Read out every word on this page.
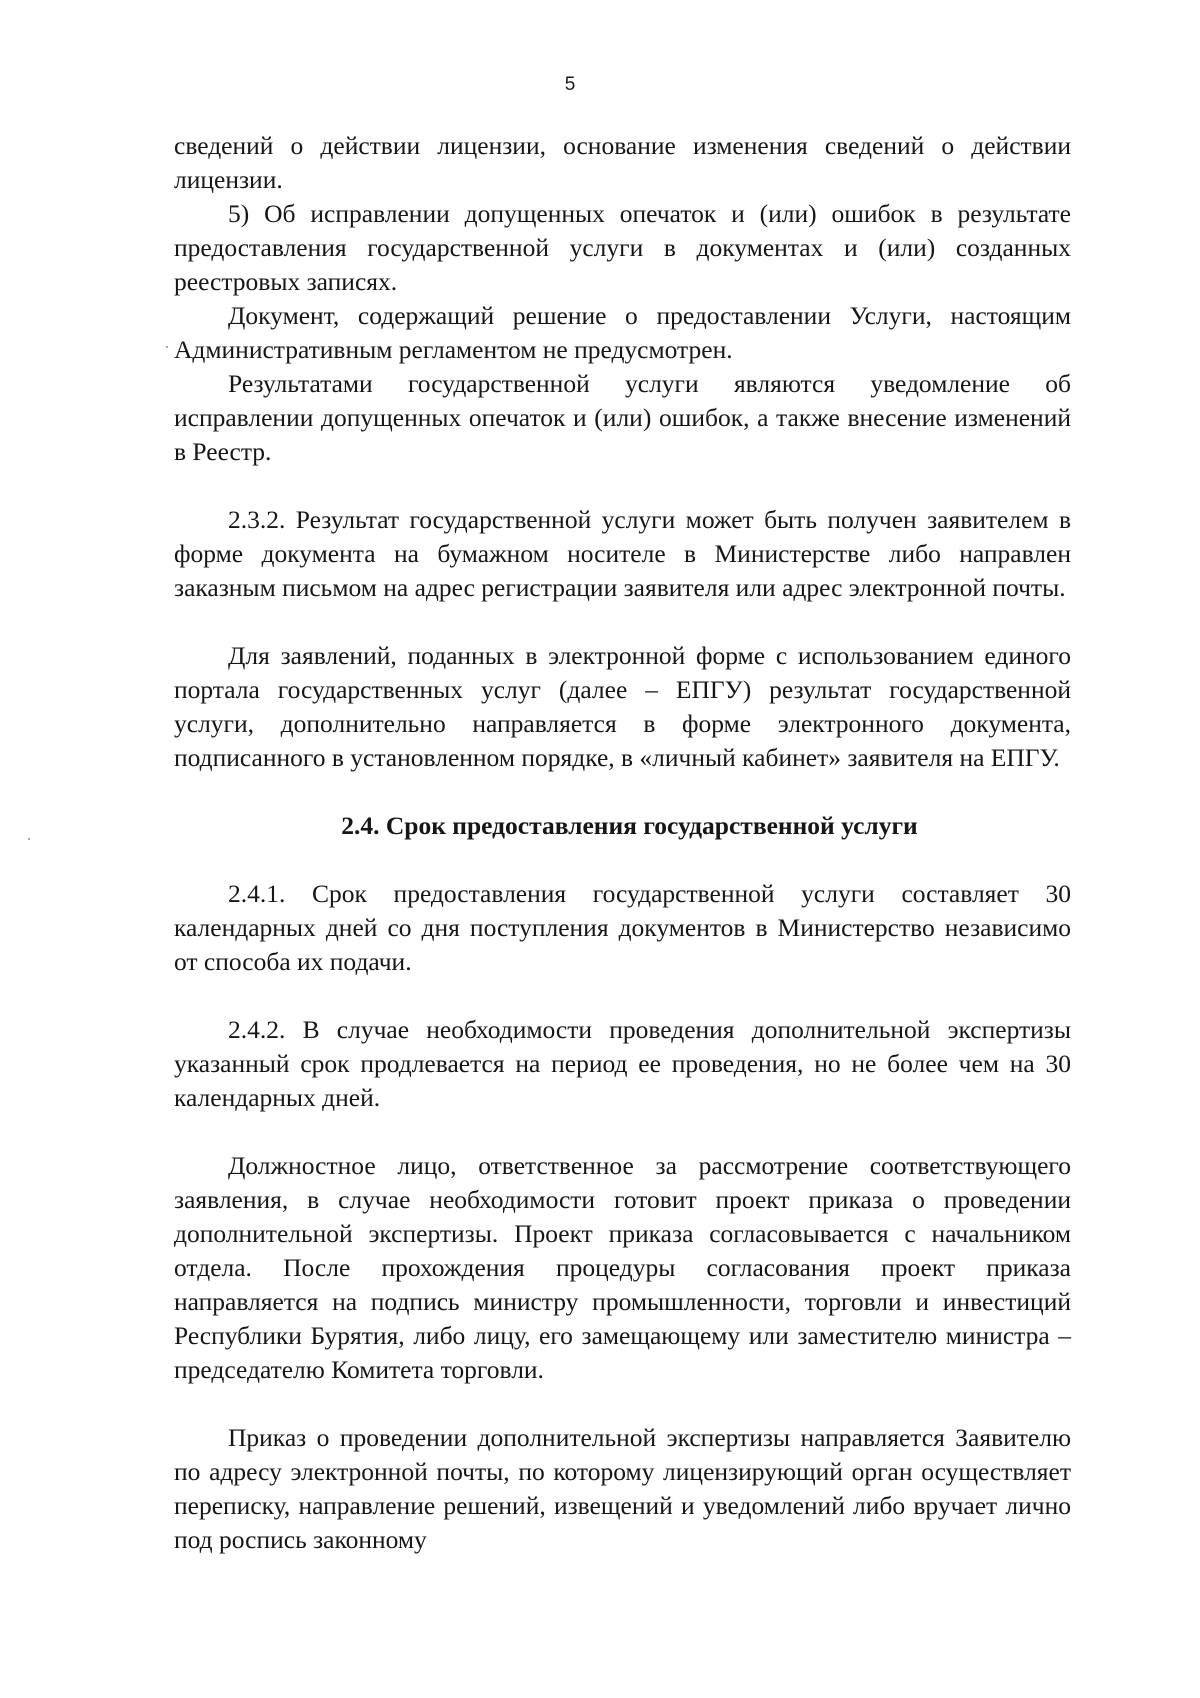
5

сведений о действии лицензии, основание изменения сведений о действии лицензии.

5) Об исправлении допущенных опечаток и (или) ошибок в результате предоставления государственной услуги в документах и (или) созданных реестровых записях.

Документ, содержащий решение о предоставлении Услуги, настоящим Административным регламентом не предусмотрен.

Результатами государственной услуги являются уведомление об исправлении допущенных опечаток и (или) ошибок, а также внесение изменений в Реестр.

2.3.2. Результат государственной услуги может быть получен заявителем в форме документа на бумажном носителе в Министерстве либо направлен заказным письмом на адрес регистрации заявителя или адрес электронной почты.

Для заявлений, поданных в электронной форме с использованием единого портала государственных услуг (далее – ЕПГУ) результат государственной услуги, дополнительно направляется в форме электронного документа, подписанного в установленном порядке, в «личный кабинет» заявителя на ЕПГУ.

2.4. Срок предоставления государственной услуги

2.4.1. Срок предоставления государственной услуги составляет 30 календарных дней со дня поступления документов в Министерство независимо от способа их подачи.

2.4.2. В случае необходимости проведения дополнительной экспертизы указанный срок продлевается на период ее проведения, но не более чем на 30 календарных дней.

Должностное лицо, ответственное за рассмотрение соответствующего заявления, в случае необходимости готовит проект приказа о проведении дополнительной экспертизы. Проект приказа согласовывается с начальником отдела. После прохождения процедуры согласования проект приказа направляется на подпись министру промышленности, торговли и инвестиций Республики Бурятия, либо лицу, его замещающему или заместителю министра – председателю Комитета торговли.

Приказ о проведении дополнительной экспертизы направляется Заявителю по адресу электронной почты, по которому лицензирующий орган осуществляет переписку, направление решений, извещений и уведомлений либо вручает лично под роспись законному
